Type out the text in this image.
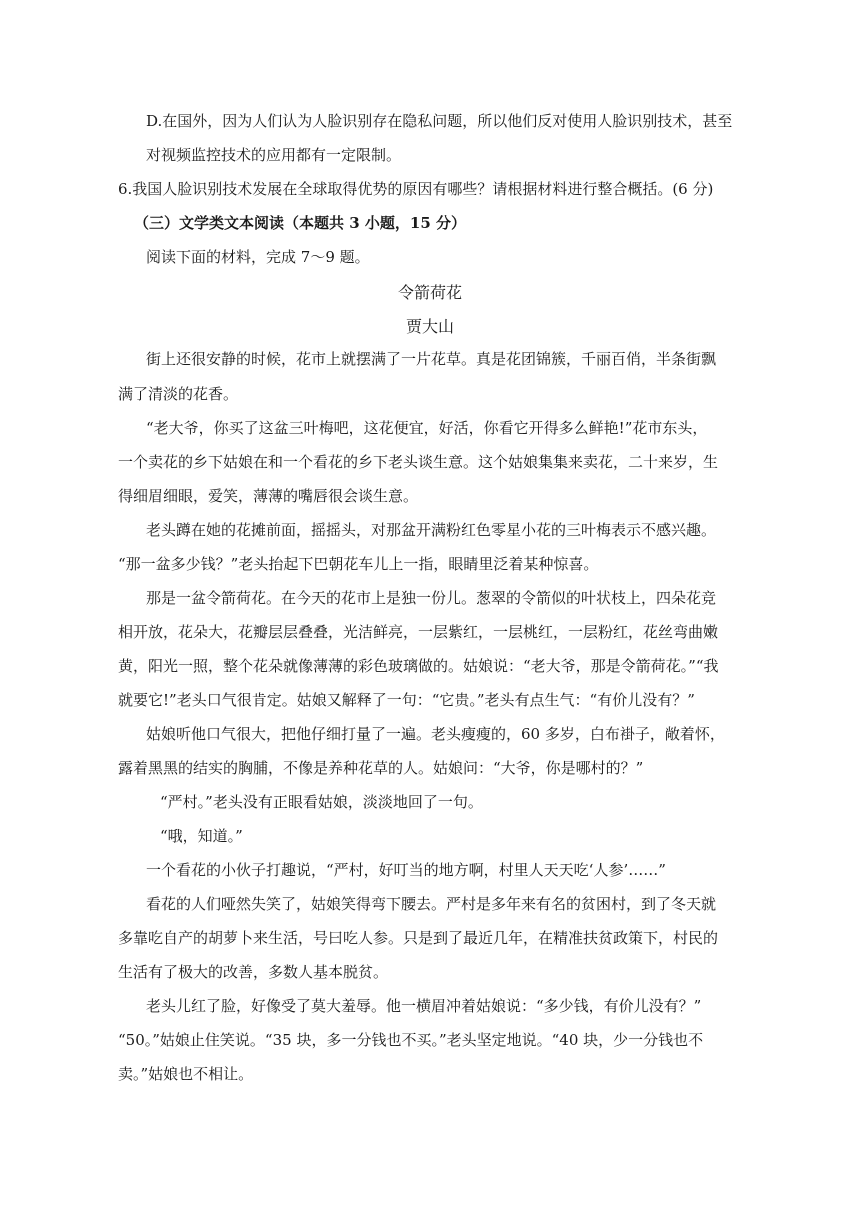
D.在国外，因为人们认为人脸识别存在隐私问题，所以他们反对使用人脸识别技术，甚至
对视频监控技术的应用都有一定限制。
6.我国人脸识别技术发展在全球取得优势的原因有哪些？请根据材料进行整合概括。(6 分)
（三）文学类文本阅读（本题共 3 小题，15 分）
阅读下面的材料，完成 7～9 题。
令箭荷花
贾大山
街上还很安静的时候，花市上就摆满了一片花草。真是花团锦簇，千丽百俏，半条街飘
满了清淡的花香。
“老大爷，你买了这盆三叶梅吧，这花便宜，好活，你看它开得多么鲜艳!”花市东头，
一个卖花的乡下姑娘在和一个看花的乡下老头谈生意。这个姑娘集集来卖花，二十来岁，生
得细眉细眼，爱笑，薄薄的嘴唇很会谈生意。
老头蹲在她的花摊前面，摇摇头，对那盆开满粉红色零星小花的三叶梅表示不感兴趣。
“那一盆多少钱？”老头抬起下巴朝花车儿上一指，眼睛里泛着某种惊喜。
那是一盆令箭荷花。在今天的花市上是独一份儿。葱翠的令箭似的叶状枝上，四朵花竞
相开放，花朵大，花瓣层层叠叠，光洁鲜亮，一层紫红，一层桃红，一层粉红，花丝弯曲嫩
黄，阳光一照，整个花朵就像薄薄的彩色玻璃做的。姑娘说：“老大爷，那是令箭荷花。”“我
就要它!”老头口气很肯定。姑娘又解释了一句：“它贵。”老头有点生气：“有价儿没有？”
姑娘听他口气很大，把他仔细打量了一遍。老头瘦瘦的，60 多岁，白布褂子，敞着怀，
露着黑黑的结实的胸脯，不像是养种花草的人。姑娘问：“大爷，你是哪村的？”
“严村。”老头没有正眼看姑娘，淡淡地回了一句。
“哦，知道。”
一个看花的小伙子打趣说，“严村，好叮当的地方啊，村里人天天吃‘人参’……”
看花的人们哑然失笑了，姑娘笑得弯下腰去。严村是多年来有名的贫困村，到了冬天就
多靠吃自产的胡萝卜来生活，号曰吃人参。只是到了最近几年，在精准扶贫政策下，村民的
生活有了极大的改善，多数人基本脱贫。
老头儿红了脸，好像受了莫大羞辱。他一横眉冲着姑娘说：“多少钱，有价儿没有？”
“50。”姑娘止住笑说。“35 块，多一分钱也不买。”老头坚定地说。“40 块，少一分钱也不
卖。”姑娘也不相让。
